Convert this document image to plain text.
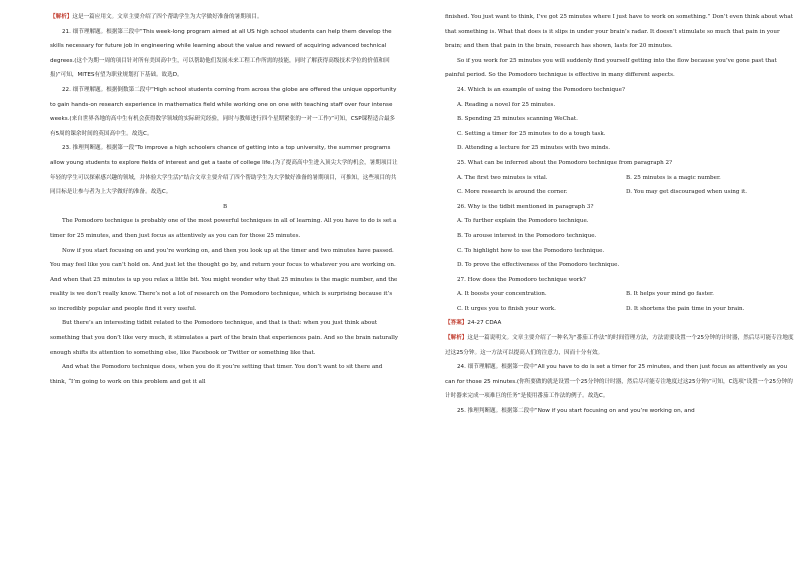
【解析】这是一篇应用文。文章主要介绍了四个帮助学生为大学做好准备的暑期项目。

21. 细节理解题。根据第三段中“This week-long program aimed at all US high school students can help them develop the skills necessary for future job in engineering while learning about the value and reward of acquiring advanced technical degrees.(这个为期一周的项目针对所有美国高中生，可以帮助他们发展未来工程工作所需的技能，同时了解获得高级技术学位的价值和回报)”可知，MITES有望为职业规划打下基础。故选D。

22. 细节理解题。根据倒数第二段中“High school students coming from across the globe are offered the unique opportunity to gain hands-on research experience in mathematics field while working one on one with teaching staff over four intense weeks.(来自世界各地的高中生有机会获得数学领域的实际研究经验，同时与教师进行四个星期紧张的一对一工作)”可知，CSP课程适合最多有5周的课余时间的英国高中生。故选C。

23. 推理判断题。根据第一段“To improve a high schoolers chance of getting into a top university, the summer programs allow young students to explore fields of interest and get a taste of college life.(为了提高高中生进入顶尖大学的机会，暑期项目让年轻的学生可以探索感兴趣的领域，并体验大学生活)”结合文章主要介绍了四个帮助学生为大学做好准备的暑期项目，可推知，这些项目的共同目标是让参与者为上大学做好的准备。故选C。

B

The Pomodoro technique is probably one of the most powerful techniques in all of learning. All you have to do is set a timer for 25 minutes, and then just focus as attentively as you can for those 25 minutes.

Now if you start focusing on and you’re working on, and then you look up at the timer and two minutes have passed. You may feel like you can’t hold on. And just let the thought go by, and return your focus to whatever you are working on. And when that 25 minutes is up you relax a little bit. You might wonder why that 25 minutes is the magic number, and the reality is we don’t really know. There’s not a lot of research on the Pomodoro technique, which is surprising because it’s so incredibly popular and people find it very useful.

But there’s an interesting tidbit related to the Pomodoro technique, and that is that: when you just think about something that you don’t like very much, it stimulates a part of the brain that experiences pain. And so the brain naturally enough shifts its attention to something else, like Facebook or Twitter or something like that.

And what the Pomodoro technique does, when you do it you’re setting that timer. You don’t want to sit there and think, “I’m going to work on this problem and get it all

finished. You just want to think, I’ve got 25 minutes where I just have to work on something.” Don’t even think about what that something is. What that does is it slips in under your brain’s radar. It doesn’t stimulate so much that pain in your brain; and then that pain in the brain, research has shown, lasts for 20 minutes.

So if you work for 25 minutes you will suddenly find yourself getting into the flow because you’ve gone past that painful period. So the Pomodoro technique is effective in many different aspects.

24. Which is an example of using the Pomodoro technique?

A. Reading a novel for 25 minutes.

B. Spending 25 minutes scanning WeChat.

C. Setting a timer for 25 minutes to do a tough task.

D. Attending a lecture for 25 minutes with two minds.

25. What can be inferred about the Pomodoro technique from paragraph 2?

A. The first two minutes is vital.	B. 25 minutes is a magic number.
C. More research is around the corner.	D. You may get discouraged when using it.

26. Why is the tidbit mentioned in paragraph 3?

A. To further explain the Pomodoro technique.

B. To arouse interest in the Pomodoro technique.

C. To highlight how to use the Pomodoro technique.

D. To prove the effectiveness of the Pomodoro technique.

27. How does the Pomodoro technique work?

A. It boosts your concentration.	B. It helps your mind go faster.
C. It urges you to finish your work.	D. It shortens the pain time in your brain.

【答案】24-27 CDAA

【解析】这是一篇说明文。文章主要介绍了一种名为“番茄工作法”的时间管理方法，方法需要设置一个25分钟的计时器，然后尽可能专注地度过这25分钟。这一方法可以提高人们的注意力，因而十分有效。

24. 细节理解题。根据第一段中“All you have to do is set a timer for 25 minutes, and then just focus as attentively as you can for those 25 minutes.(你所要做的就是设置一个25分钟的计时器，然后尽可能专注地度过这25分钟)”可知，C选项“设置一个25分钟的计时器来完成一项难巨的任务”是使用番茄工作法的例子。故选C。

25. 推理判断题。根据第二段中“Now if you start focusing on and you’re working on, and
